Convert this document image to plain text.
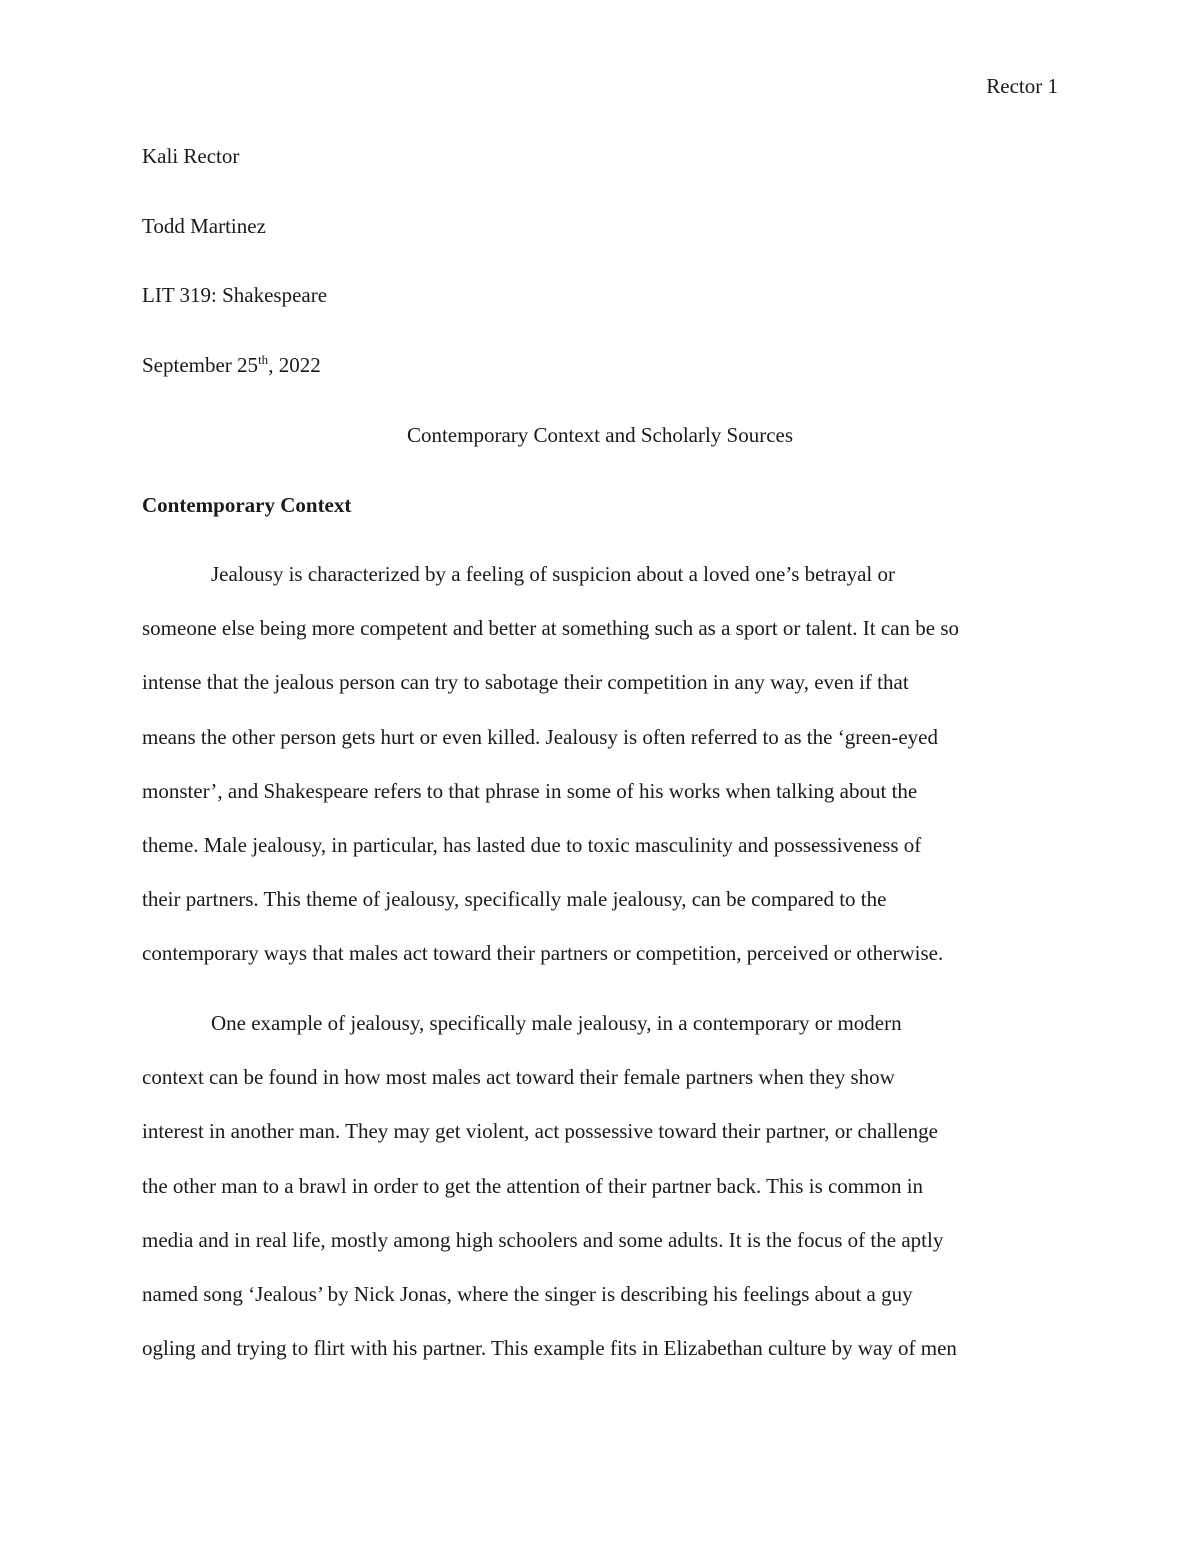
Rector 1
Kali Rector
Todd Martinez
LIT 319: Shakespeare
September 25th, 2022
Contemporary Context and Scholarly Sources
Contemporary Context
Jealousy is characterized by a feeling of suspicion about a loved one’s betrayal or
someone else being more competent and better at something such as a sport or talent. It can be so
intense that the jealous person can try to sabotage their competition in any way, even if that
means the other person gets hurt or even killed. Jealousy is often referred to as the ‘green-eyed
monster’, and Shakespeare refers to that phrase in some of his works when talking about the
theme. Male jealousy, in particular, has lasted due to toxic masculinity and possessiveness of
their partners. This theme of jealousy, specifically male jealousy, can be compared to the
contemporary ways that males act toward their partners or competition, perceived or otherwise.
One example of jealousy, specifically male jealousy, in a contemporary or modern
context can be found in how most males act toward their female partners when they show
interest in another man. They may get violent, act possessive toward their partner, or challenge
the other man to a brawl in order to get the attention of their partner back. This is common in
media and in real life, mostly among high schoolers and some adults. It is the focus of the aptly
named song ‘Jealous’ by Nick Jonas, where the singer is describing his feelings about a guy
ogling and trying to flirt with his partner. This example fits in Elizabethan culture by way of men
